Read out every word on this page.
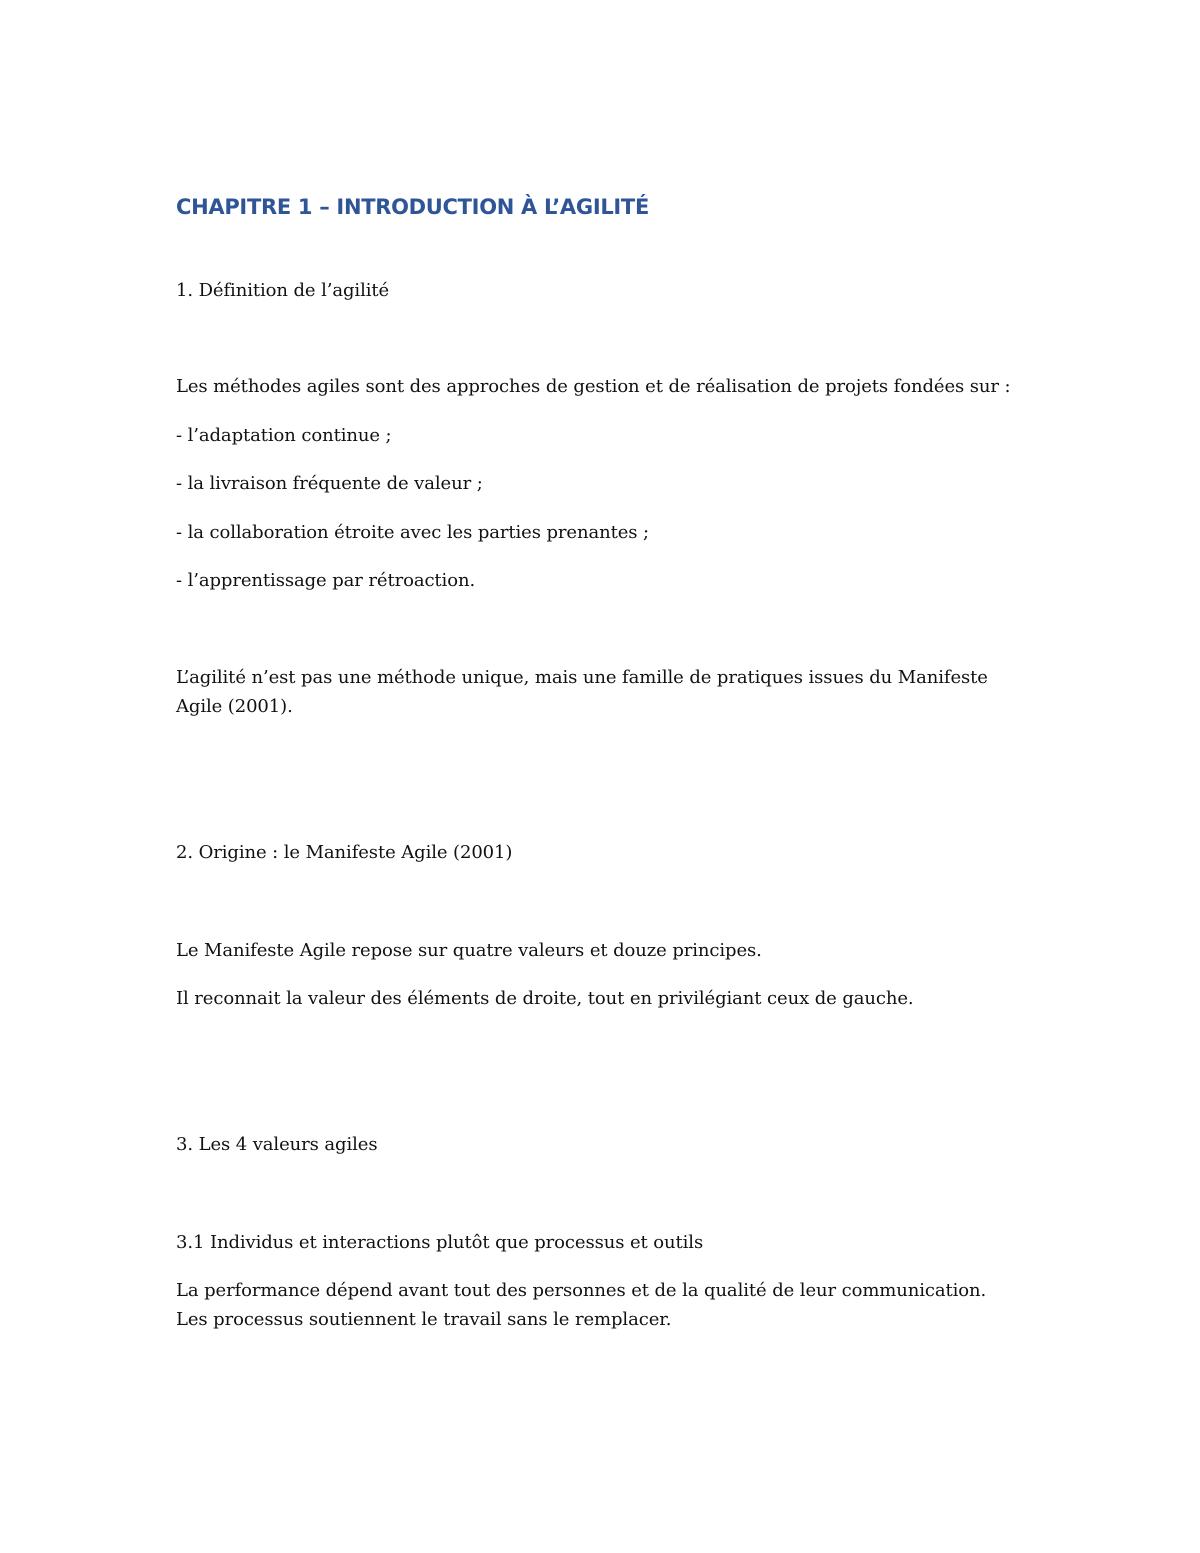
CHAPITRE 1 – INTRODUCTION À L’AGILITÉ

1. Définition de l’agilité

Les méthodes agiles sont des approches de gestion et de réalisation de projets fondées sur :

- l’adaptation continue ;

- la livraison fréquente de valeur ;

- la collaboration étroite avec les parties prenantes ;

- l’apprentissage par rétroaction.

L’agilité n’est pas une méthode unique, mais une famille de pratiques issues du Manifeste

Agile (2001).

2. Origine : le Manifeste Agile (2001)

Le Manifeste Agile repose sur quatre valeurs et douze principes.

Il reconnait la valeur des éléments de droite, tout en privilégiant ceux de gauche.

3. Les 4 valeurs agiles

3.1 Individus et interactions plutôt que processus et outils

La performance dépend avant tout des personnes et de la qualité de leur communication.

Les processus soutiennent le travail sans le remplacer.
